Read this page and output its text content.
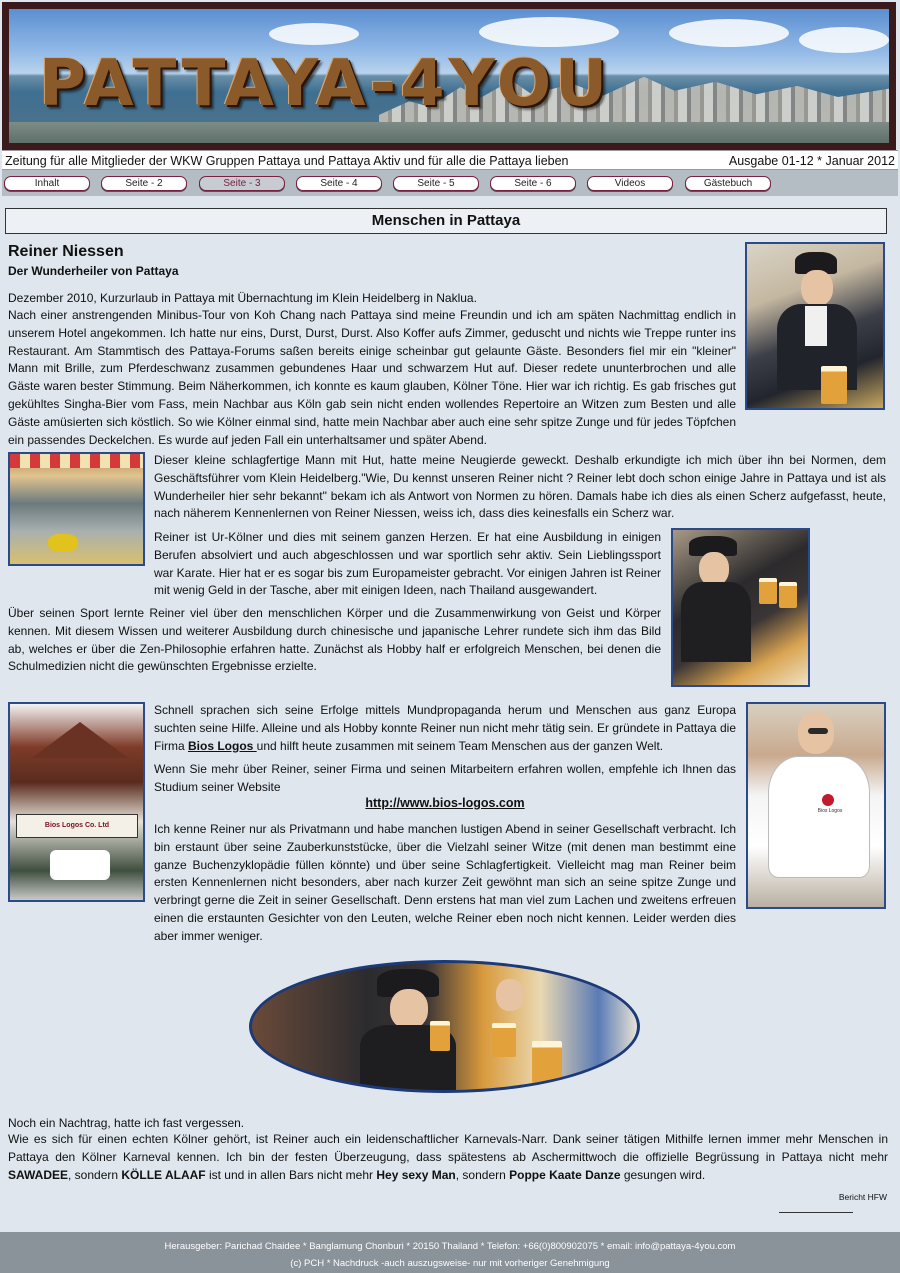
PATTAYA-4YOU
Zeitung für alle Mitglieder der WKW Gruppen Pattaya und Pattaya Aktiv und für alle die Pattaya lieben	Ausgabe 01-12 * Januar 2012
Inhalt	Seite - 2	Seite - 3	Seite - 4	Seite - 5	Seite - 6	Videos	Gästebuch
Menschen in Pattaya
Reiner Niessen
Der Wunderheiler von Pattaya

Dezember 2010, Kurzurlaub in Pattaya mit Übernachtung im Klein Heidelberg in Naklua.

Nach einer anstrengenden Minibus-Tour von Koh Chang nach Pattaya sind meine Freundin und ich am späten Nachmittag endlich in unserem Hotel angekommen. Ich hatte nur eins, Durst, Durst, Durst. Also Koffer aufs Zimmer, geduscht und nichts wie Treppe runter ins Restaurant. Am Stammtisch des Pattaya-Forums saßen bereits einige scheinbar gut gelaunte Gäste. Besonders fiel mir ein "kleiner" Mann mit Brille, zum Pferdeschwanz zusammen gebundenes Haar und schwarzem Hut auf. Dieser redete ununterbrochen und alle Gäste waren bester Stimmung. Beim Näherkommen, ich konnte es kaum glauben, Kölner Töne. Hier war ich richtig. Es gab frisches gut gekühltes Singha-Bier vom Fass, mein Nachbar aus Köln gab sein nicht enden wollendes Repertoire an Witzen zum Besten und alle Gäste amüsierten sich köstlich. So wie Kölner einmal sind, hatte mein Nachbar aber auch eine sehr spitze Zunge und für jedes Töpfchen ein passendes Deckelchen. Es wurde auf jeden Fall ein unterhaltsamer und später Abend.

Dieser kleine schlagfertige Mann mit Hut, hatte meine Neugierde geweckt. Deshalb erkundigte ich mich über ihn bei Normen, dem Geschäftsführer vom Klein Heidelberg."Wie, Du kennst unseren Reiner nicht ? Reiner lebt doch schon einige Jahre in Pattaya und ist als Wunderheiler hier sehr bekannt" bekam ich als Antwort von Normen zu hören. Damals habe ich dies als einen Scherz aufgefasst, heute, nach näherem Kennenlernen von Reiner Niessen, weiss ich, dass dies keinesfalls ein Scherz war.

Reiner ist Ur-Kölner und dies mit seinem ganzen Herzen. Er hat eine Ausbildung in einigen Berufen absolviert und auch abgeschlossen und war sportlich sehr aktiv. Sein Lieblingssport war Karate. Hier hat er es sogar bis zum Europameister gebracht. Vor einigen Jahren ist Reiner mit wenig Geld in der Tasche, aber mit einigen Ideen, nach Thailand ausgewandert.

Über seinen Sport lernte Reiner viel über den menschlichen Körper und die Zusammenwirkung von Geist und Körper kennen. Mit diesem Wissen und weiterer Ausbildung durch chinesische und japanische Lehrer rundete sich ihm das Bild ab, welches er über die Zen-Philosophie erfahren hatte. Zunächst als Hobby half er erfolgreich Menschen, bei denen die Schulmedizien nicht die gewünschten Ergebnisse erzielte.

Bios Logos Co. Ltd

Schnell sprachen sich seine Erfolge mittels Mundpropaganda herum und Menschen aus ganz Europa suchten seine Hilfe. Alleine und als Hobby konnte Reiner nun nicht mehr tätig sein. Er gründete in Pattaya die Firma Bios Logos und hilft heute zusammen mit seinem Team Menschen aus der ganzen Welt.

Wenn Sie mehr über Reiner, seiner Firma und seinen Mitarbeitern erfahren wollen, empfehle ich Ihnen das Studium seiner Website

http://www.bios-logos.com

Ich kenne Reiner nur als Privatmann und habe manchen lustigen Abend in seiner Gesellschaft verbracht. Ich bin erstaunt über seine Zauberkunststücke, über die Vielzahl seiner Witze (mit denen man bestimmt eine ganze Buchenzyklopädie füllen könnte) und über seine Schlagfertigkeit. Vielleicht mag man Reiner beim ersten Kennenlernen nicht besonders, aber nach kurzer Zeit gewöhnt man sich an seine spitze Zunge und verbringt gerne die Zeit in seiner Gesellschaft. Denn erstens hat man viel zum Lachen und zweitens erfreuen einen die erstaunten Gesichter von den Leuten, welche Reiner eben noch nicht kennen. Leider werden dies aber immer weniger.

Bios Logos

Noch ein Nachtrag, hatte ich fast vergessen.

Wie es sich für einen echten Kölner gehört, ist Reiner auch ein leidenschaftlicher Karnevals-Narr. Dank seiner tätigen Mithilfe lernen immer mehr Menschen in Pattaya den Kölner Karneval kennen. Ich bin der festen Überzeugung, dass spätestens ab Aschermittwoch die offizielle Begrüssung in Pattaya nicht mehr SAWADEE, sondern KÖLLE ALAAF ist und in allen Bars nicht mehr Hey sexy Man, sondern Poppe Kaate Danze gesungen wird.

Bericht HFW
Herausgeber: Parichad Chaidee * Banglamung Chonburi * 20150 Thailand * Telefon: +66(0)800902075 * email: info@pattaya-4you.com
(c) PCH * Nachdruck -auch auszugsweise- nur mit vorheriger Genehmigung
